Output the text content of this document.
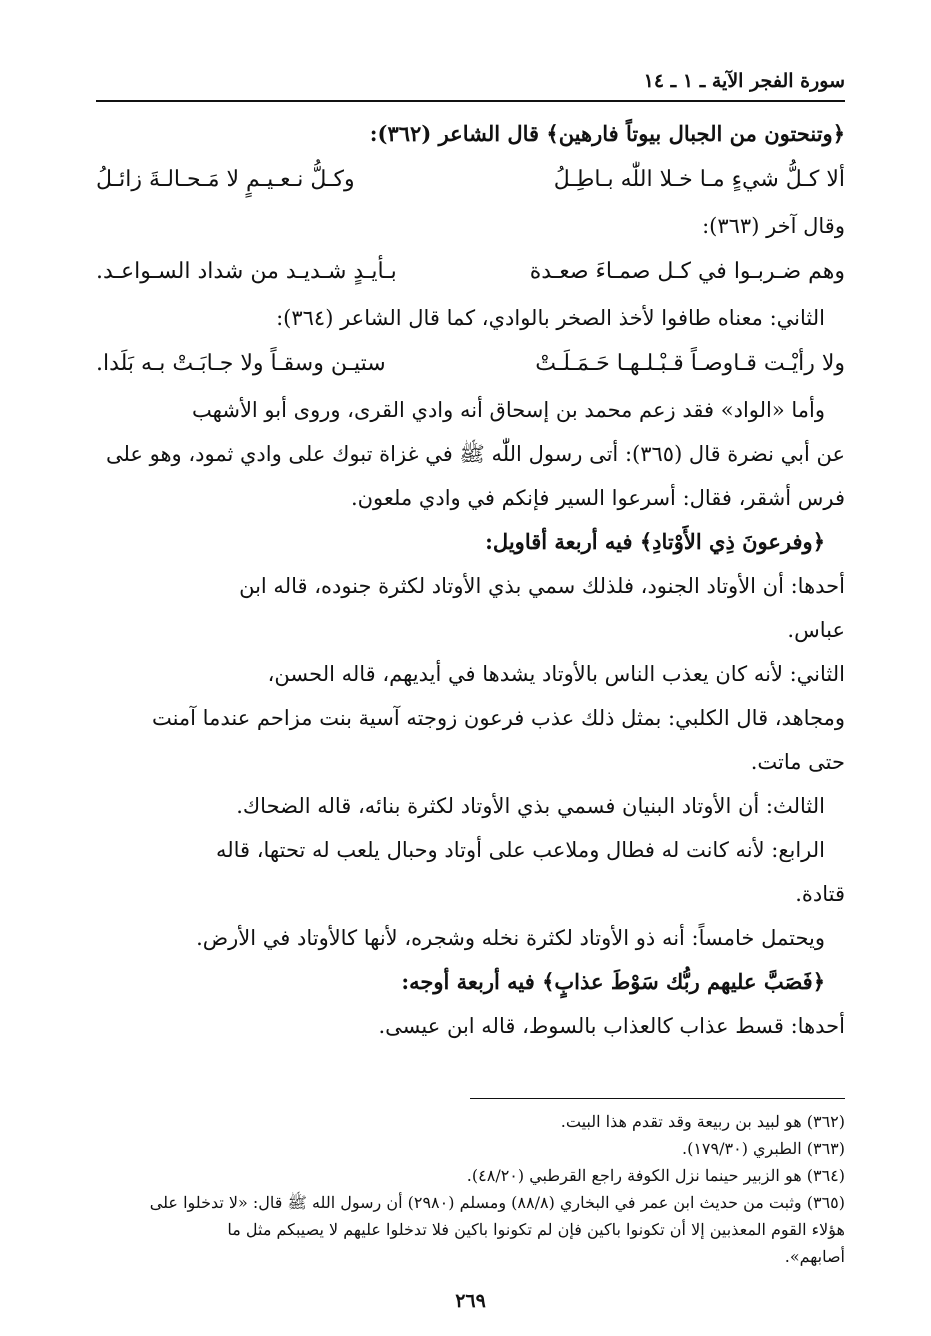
سورة الفجر الآية ـ ١ ـ ١٤

﴿وتنحتون من الجبال بيوتاً فارهين﴾ قال الشاعر (٣٦٢):

ألا كـلُّ شيءٍ مـا خـلا اللّٰه بـاطِـلُ
وكـلُّ نـعـيـمٍ لا مَـحـالـةَ زائـلُ

وقال آخر (٣٦٣):

وهم ضـربـوا في كـل صمـاءَ صعـدة
بـأيـدٍ شـديـد من شداد السـواعـد.

الثاني: معناه طافوا لأخذ الصخر بالوادي، كما قال الشاعر (٣٦٤):

ولا رأيْـت قـاوصـاً قـبْـلـهـا حَـمَـلَـتْ
ستيـن وسقـاً ولا جـابَـتْ بـه بَلَدا.

وأما «الواد» فقد زعم محمد بن إسحاق أنه وادي القرى، وروى أبو الأشهب

عن أبي نضرة قال (٣٦٥): أتى رسول اللّٰه ﷺ في غزاة تبوك على وادي ثمود، وهو على

فرس أشقر، فقال: أسرعوا السير فإنكم في وادي ملعون.

﴿وفرعونَ ذِي الأَوْتادِ﴾ فيه أربعة أقاويل:

أحدها: أن الأوتاد الجنود، فلذلك سمي بذي الأوتاد لكثرة جنوده، قاله ابن

عباس.

الثاني: لأنه كان يعذب الناس بالأوتاد يشدها في أيديهم، قاله الحسن،

ومجاهد، قال الكلبي: بمثل ذلك عذب فرعون زوجته آسية بنت مزاحم عندما آمنت

حتى ماتت.

الثالث: أن الأوتاد البنيان فسمي بذي الأوتاد لكثرة بنائه، قاله الضحاك.

الرابع: لأنه كانت له فطال وملاعب على أوتاد وحبال يلعب له تحتها، قاله

قتادة.

ويحتمل خامساً: أنه ذو الأوتاد لكثرة نخله وشجره، لأنها كالأوتاد في الأرض.

﴿فَصَبَّ عليهم ربُّك سَوْطَ عذابٍ﴾ فيه أربعة أوجه:

أحدها: قسط عذاب كالعذاب بالسوط، قاله ابن عيسى.

(٣٦٢) هو لبيد بن ربيعة وقد تقدم هذا البيت.

(٣٦٣) الطبري (١٧٩/٣٠).

(٣٦٤) هو الزبير حينما نزل الكوفة راجع القرطبي (٤٨/٢٠).

(٣٦٥) وثبت من حديث ابن عمر في البخاري (٨٨/٨) ومسلم (٢٩٨٠) أن رسول الله ﷺ قال: «لا تدخلوا على

هؤلاء القوم المعذبين إلا أن تكونوا باكين فإن لم تكونوا باكين فلا تدخلوا عليهم لا يصيبكم مثل ما

أصابهم».

٢٦٩
